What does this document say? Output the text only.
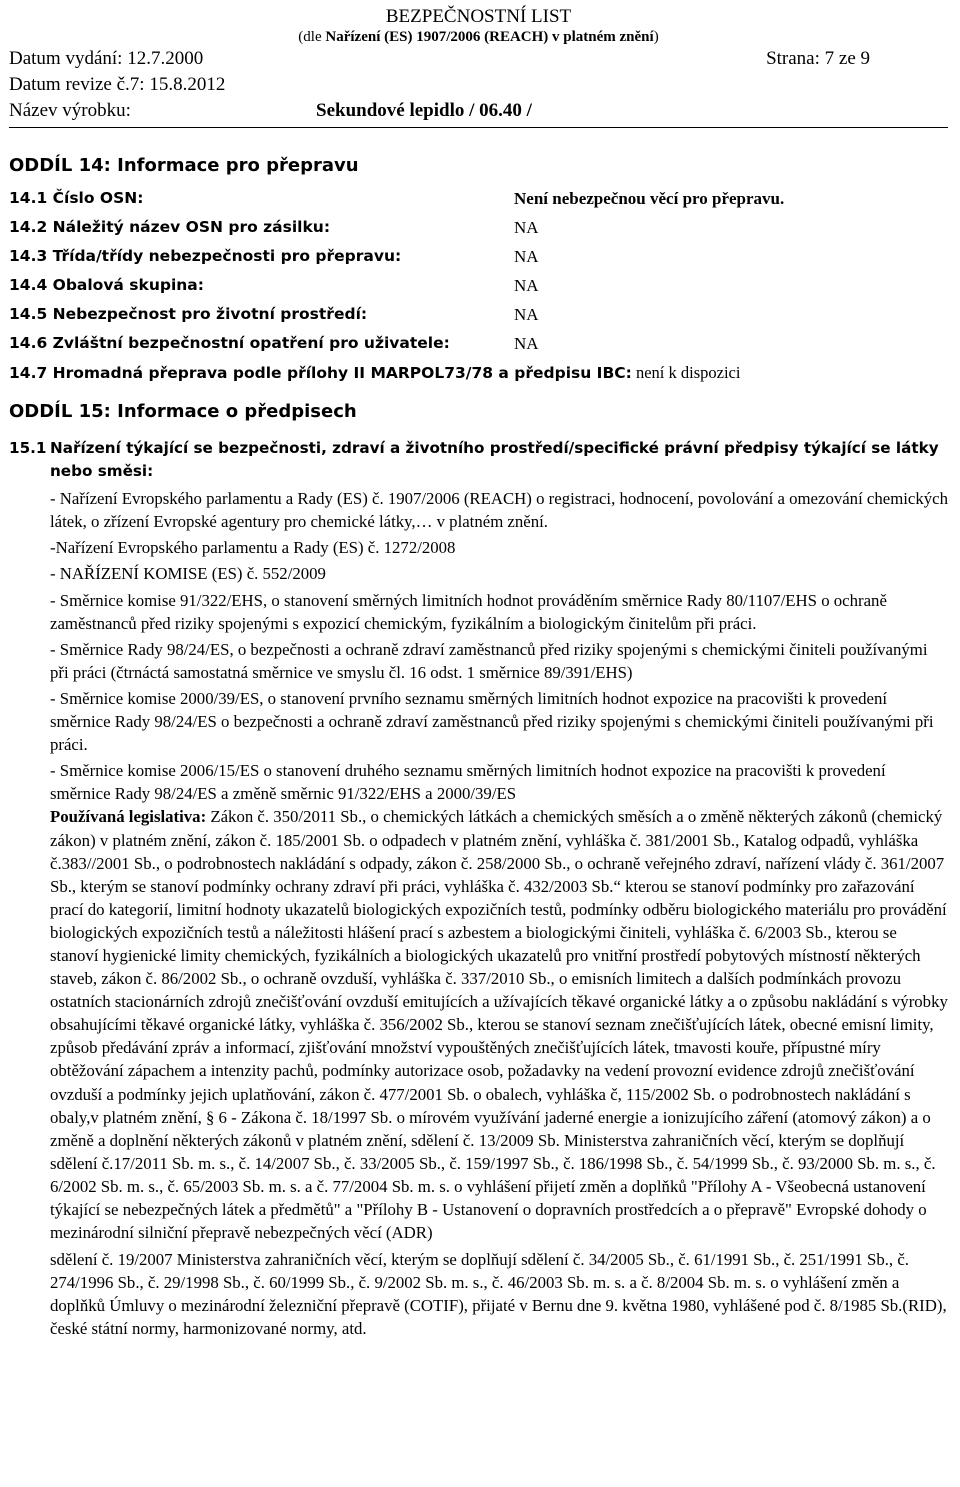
BEZPEČNOSTNÍ LIST
(dle Nařízení (ES) 1907/2006 (REACH) v platném znění)
Datum vydání: 12.7.2000	Strana: 7 ze 9
Datum revize č.7: 15.8.2012
Název výrobku:	Sekundové lepidlo / 06.40 /
ODDÍL 14: Informace pro přepravu
14.1 Číslo OSN:	Není nebezpečnou věcí pro přepravu.
14.2 Náležitý název OSN pro zásilku:	NA
14.3 Třída/třídy nebezpečnosti pro přepravu:	NA
14.4 Obalová skupina:	NA
14.5 Nebezpečnost pro životní prostředí:	NA
14.6 Zvláštní bezpečnostní opatření pro uživatele:	NA
14.7 Hromadná přeprava podle přílohy II MARPOL73/78 a předpisu IBC: není k dispozici
ODDÍL 15: Informace o předpisech
15.1 Nařízení týkající se bezpečnosti, zdraví a životního prostředí/specifické právní předpisy týkající se látky nebo směsi:

- Nařízení Evropského parlamentu a Rady (ES) č. 1907/2006 (REACH) o registraci, hodnocení, povolování a omezování chemických látek, o zřízení Evropské agentury pro chemické látky,… v platném znění.

-Nařízení Evropského parlamentu a Rady (ES) č. 1272/2008

- NAŘÍZENÍ KOMISE (ES) č. 552/2009

- Směrnice komise 91/322/EHS, o stanovení směrných limitních hodnot prováděním směrnice Rady 80/1107/EHS o ochraně zaměstnanců před riziky spojenými s expozicí chemickým, fyzikálním a biologickým činitelům při práci.

- Směrnice Rady 98/24/ES, o bezpečnosti a ochraně zdraví zaměstnanců před riziky spojenými s chemickými činiteli používanými při práci (čtrnáctá samostatná směrnice ve smyslu čl. 16 odst. 1 směrnice 89/391/EHS)

- Směrnice komise 2000/39/ES, o stanovení prvního seznamu směrných limitních hodnot expozice na pracovišti k provedení směrnice Rady 98/24/ES o bezpečnosti a ochraně zdraví zaměstnanců před riziky spojenými s chemickými činiteli používanými při práci.

- Směrnice komise 2006/15/ES o stanovení druhého seznamu směrných limitních hodnot expozice na pracovišti k provedení směrnice Rady 98/24/ES a změně směrnic 91/322/EHS a 2000/39/ES
Používaná legislativa: Zákon č. 350/2011 Sb., o chemických látkách a chemických směsích a o změně některých zákonů (chemický zákon) v platném znění, zákon č. 185/2001 Sb. o odpadech v platném znění, vyhláška č. 381/2001 Sb., Katalog odpadů, vyhláška č.383//2001 Sb., o podrobnostech nakládání s odpady, zákon č. 258/2000 Sb., o ochraně veřejného zdraví, nařízení vlády č. 361/2007 Sb., kterým se stanoví podmínky ochrany zdraví při práci, vyhláška č. 432/2003 Sb.“ kterou se stanoví podmínky pro zařazování prací do kategorií, limitní hodnoty ukazatelů biologických expozičních testů, podmínky odběru biologického materiálu pro provádění biologických expozičních testů a náležitosti hlášení prací s azbestem a biologickými činiteli, vyhláška č. 6/2003 Sb., kterou se stanoví hygienické limity chemických, fyzikálních a biologických ukazatelů pro vnitřní prostředí pobytových místností některých staveb, zákon č. 86/2002 Sb., o ochraně ovzduší, vyhláška č. 337/2010 Sb., o emisních limitech a dalších podmínkách provozu ostatních stacionárních zdrojů znečišťování ovzduší emitujících a užívajících těkavé organické látky a o způsobu nakládání s výrobky obsahujícími těkavé organické látky, vyhláška č. 356/2002 Sb., kterou se stanoví seznam znečišťujících látek, obecné emisní limity, způsob předávání zpráv a informací, zjišťování množství vypouštěných znečišťujících látek, tmavosti kouře, přípustné míry obtěžování zápachem a intenzity pachů, podmínky autorizace osob, požadavky na vedení provozní evidence zdrojů znečišťování ovzduší a podmínky jejich uplatňování, zákon č. 477/2001 Sb. o obalech, vyhláška č, 115/2002 Sb. o podrobnostech nakládání s obaly,v platném znění, § 6 - Zákona č. 18/1997 Sb. o mírovém využívání jaderné energie a ionizujícího záření (atomový zákon) a o změně a doplnění některých zákonů v platném znění, sdělení č. 13/2009 Sb. Ministerstva zahraničních věcí, kterým se doplňují sdělení č.17/2011 Sb. m. s., č. 14/2007 Sb., č. 33/2005 Sb., č. 159/1997 Sb., č. 186/1998 Sb., č. 54/1999 Sb., č. 93/2000 Sb. m. s., č. 6/2002 Sb. m. s., č. 65/2003 Sb. m. s. a č. 77/2004 Sb. m. s. o vyhlášení přijetí změn a doplňků "Přílohy A - Všeobecná ustanovení týkající se nebezpečných látek a předmětů" a "Přílohy B - Ustanovení o dopravních prostředcích a o přepravě" Evropské dohody o mezinárodní silniční přepravě nebezpečných věcí (ADR)

sdělení č. 19/2007 Ministerstva zahraničních věcí, kterým se doplňují sdělení č. 34/2005 Sb., č. 61/1991 Sb., č. 251/1991 Sb., č. 274/1996 Sb., č. 29/1998 Sb., č. 60/1999 Sb., č. 9/2002 Sb. m. s., č. 46/2003 Sb. m. s. a č. 8/2004 Sb. m. s. o vyhlášení změn a doplňků Úmluvy o mezinárodní železniční přepravě (COTIF), přijaté v Bernu dne 9. května 1980, vyhlášené pod č. 8/1985 Sb.(RID), české státní normy, harmonizované normy, atd.
